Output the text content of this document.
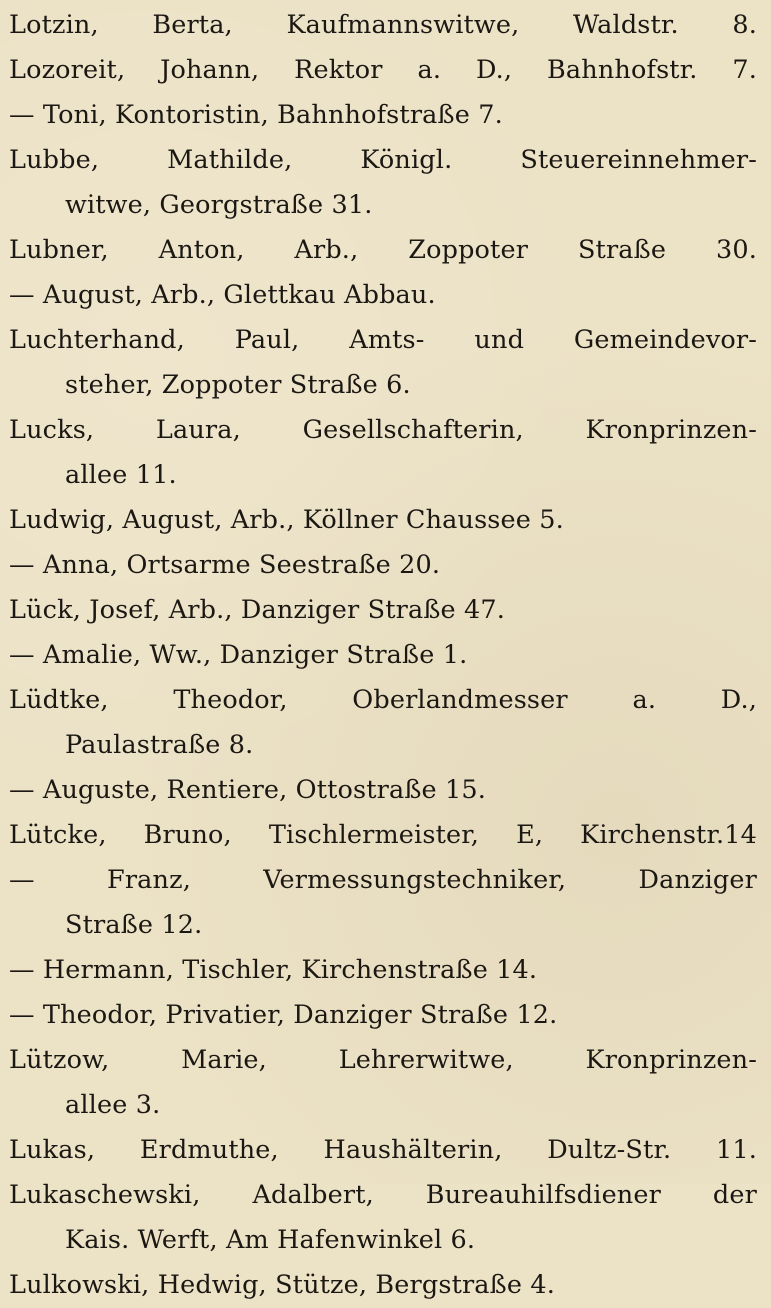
Lotzin, Berta, Kaufmannswitwe, Waldstr. 8.
Lozoreit, Johann, Rektor a. D., Bahnhofstr. 7.
— Toni, Kontoristin, Bahnhofstraße 7.
Lubbe, Mathilde, Königl. Steuereinnehmer-
witwe, Georgstraße 31.
Lubner, Anton, Arb., Zoppoter Straße 30.
— August, Arb., Glettkau Abbau.
Luchterhand, Paul, Amts- und Gemeindevor-
steher, Zoppoter Straße 6.
Lucks, Laura, Gesellschafterin, Kronprinzen-
allee 11.
Ludwig, August, Arb., Köllner Chaussee 5.
— Anna, Ortsarme Seestraße 20.
Lück, Josef, Arb., Danziger Straße 47.
— Amalie, Ww., Danziger Straße 1.
Lüdtke, Theodor, Oberlandmesser a. D.,
Paulastraße 8.
— Auguste, Rentiere, Ottostraße 15.
Lütcke, Bruno, Tischlermeister, E, Kirchenstr.14
— Franz, Vermessungstechniker, Danziger
Straße 12.
— Hermann, Tischler, Kirchenstraße 14.
— Theodor, Privatier, Danziger Straße 12.
Lützow, Marie, Lehrerwitwe, Kronprinzen-
allee 3.
Lukas, Erdmuthe, Haushälterin, Dultz-Str. 11.
Lukaschewski, Adalbert, Bureauhilfsdiener der
Kais. Werft, Am Hafenwinkel 6.
Lulkowski, Hedwig, Stütze, Bergstraße 4.
